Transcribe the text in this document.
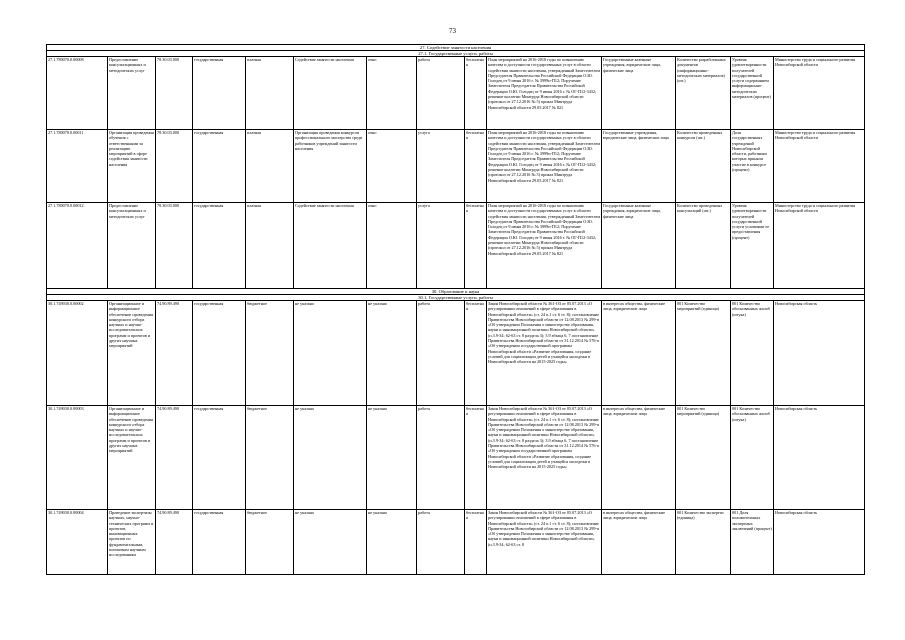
73
27. Содействие занятости населения													
27.1. Государственные услуги, работы													
27.1.780070.0.00008	Предоставление консультационных и методических услуг	78.30.03.000	государственная	платная	Содействие занятости населения	очно	работа	бесплатная	План мероприятий на 2016-2018 годы по повышению качества и доступности государственных услуг в области содействия занятости населения, утвержденный Заместителем Председателя Правительства Российской Федерации О.Ю. Голодец от 9 июня 2016 г. № 3999п-П12; Поручение Заместителя Председателя Правительства Российской Федерации О.Ю. Голодец от 9 июня 2016 г. № ОГ-П12-3432; решение коллегии Минтруда Новосибирской области (протокол от 27.12.2016 № 5) приказ Минтруда Новосибирской области 29.05.2017 № 821	Государственные казенные учреждения, юридические лица, физические лица	Количество разработанных документов (информационно-методических материалов) (шт.)	Уровень удовлетворенности получателей государственной услуги содержанием информационно-методических материалов (процент)	Министерство труда и социального развития Новосибирской области
27.1.780070.0.00011	Организация проведения обучения с ответственными за реализацию мероприятий в сфере содействия занятости населения	78.30.03.000	государственная	платная	Организация проведения конкурсов профессионального мастерства среди работников учреждений занятости населения	очно	услуга	бесплатная	План мероприятий на 2016-2018 годы по повышению качества и доступности государственных услуг в области содействия занятости населения, утвержденный Заместителем Председателя Правительства Российской Федерации О.Ю. Голодец от 9 июня 2016 г. № 3999п-П12; Поручение Заместителя Председателя Правительства Российской Федерации О.Ю. Голодец от 9 июня 2016 г. № ОГ-П12-3432; решение коллегии Минтруда Новосибирской области (протокол от 27.12.2016 № 5) приказ Минтруда Новосибирской области 29.05.2017 № 821	Государственные учреждения, юридические лица, физические лица	Количество проведенных конкурсов (шт.)	Доля государственных учреждений Новосибирской области, работники которых приняли участие в конкурсе (процент)	Министерство труда и социального развития Новосибирской области
27.1.780070.0.00012	Предоставление консультационных и методических услуг	78.30.03.000	государственная	платная	Содействие занятости населения	очно	услуга	бесплатная	План мероприятий на 2016-2018 годы по повышению качества и доступности государственных услуг в области содействия занятости населения, утвержденный Заместителем Председателя Правительства Российской Федерации О.Ю. Голодец от 9 июня 2016 г. № 3999п-П12; Поручение Заместителя Председателя Правительства Российской Федерации О.Ю. Голодец от 9 июня 2016 г. № ОГ-П12-3432; решение коллегии Минтруда Новосибирской области (протокол от 27.12.2016 № 5) приказ Минтруда Новосибирской области 29.05.2017 № 821	Государственные казенные учреждения, юридические лица, физические лица	Количество проведенных консультаций (шт.)	Уровень удовлетворенности получателей государственной услуги условиями ее предоставления (процент)	Министерство труда и социального развития Новосибирской области
30. Образование и наука													
30.1. Государственные услуги, работы													
30.1.749030.0.00002	Организационное и информационное обеспечение проведения конкурсного отбора научных и научно-исследовательских программ и проектов и других научных мероприятий	74.90.89.490	государственная	бюджетное	не указано	не указано	работа	бесплатная	Закон Новосибирской области № 361-ОЗ от 05.07.2013 «О регулировании отношений в сфере образования в Новосибирской области» (ст. 24 п.1 ст. 6 ст. 8); постановление Правительства Новосибирской области от 12.08.2013 № 299-п «Об утверждении Положения о министерстве образования, науки и инновационной политики Новосибирской области» (п.3.9-34; 62-63 ст. 8 раздела 3); 3.9 абзаца 6, 7 постановление Правительства Новосибирской области от 31.12.2014 № 576-п «Об утверждении государственной программы Новосибирской области «Развитие образования, создание условий для социализации детей и учащейся молодежи в Новосибирской области на 2015-2025 годы»	в интересах общества, физические лица, юридические лица	001 Количество мероприятий (единица)	001 Количество обоснованных жалоб (штука)	Новосибирская область
30.1.749030.0.00003	Организационное и информационное обеспечение проведения конкурсного отбора научных и научно-исследовательских программ и проектов и других научных мероприятий	74.90.89.490	государственная	бюджетное	не указано	не указано	работа	бесплатная	Закон Новосибирской области № 361-ОЗ от 05.07.2013 «О регулировании отношений в сфере образования в Новосибирской области» (ст. 24 п.1 ст. 6 ст. 8); постановление Правительства Новосибирской области от 12.08.2013 № 299-п «Об утверждении Положения о министерстве образования, науки и инновационной политики Новосибирской области» (п.3.9-34; 62-63 ст. 8 раздела 3); 3.9 абзаца 6, 7 постановление Правительства Новосибирской области от 31.12.2014 № 576-п «Об утверждении государственной программы Новосибирской области «Развитие образования, создание условий для социализации детей и учащейся молодежи в Новосибирской области на 2015-2025 годы»	в интересах общества, физические лица, юридические лица	001 Количество мероприятий (единица)	001 Количество обоснованных жалоб (штука)	Новосибирская область
30.1.749030.0.00004	Проведение экспертизы научных, научно-технических программ и проектов, инновационных проектов по фундаментальным, поисковым научным исследованиям	74.90.89.490	государственная	бюджетное	не указано	не указано	работа	бесплатная	Закон Новосибирской области № 361-ОЗ от 05.07.2013 «О регулировании отношений в сфере образования в Новосибирской области» (ст. 24 п.1 ст. 6 ст. 8); постановление Правительства Новосибирской области от 12.08.2013 № 299-п «Об утверждении Положения о министерстве образования, науки и инновационной политики Новосибирской области» (п.3.9-34; 62-63 ст. 8	в интересах общества, физические лица, юридические лица	001 Количество экспертиз (единица)	001 Доля положительных экспертных заключений (процент)	Новосибирская область
